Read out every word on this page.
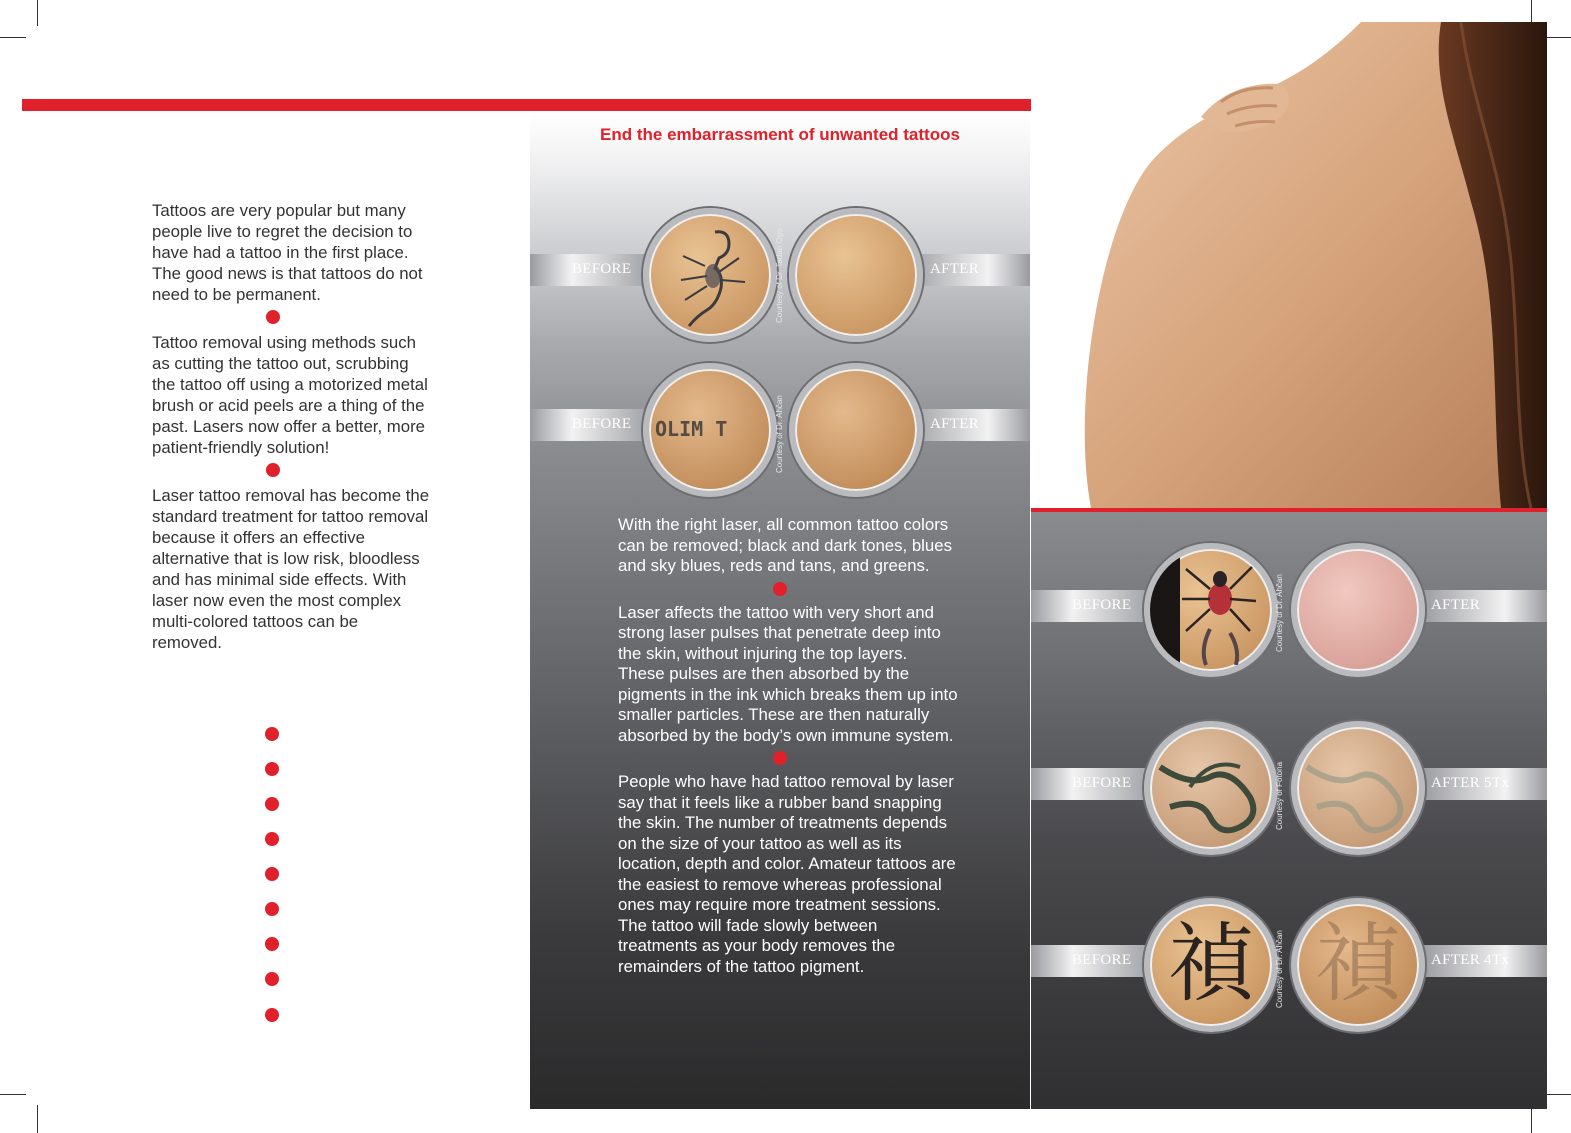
Tattoos are very popular but many people live to regret the decision to have had a tattoo in the first place. The good news is that tattoos do not need to be permanent.

Tattoo removal using methods such as cutting the tattoo out, scrubbing the tattoo off using a motorized metal brush or acid peels are a thing of the past. Lasers now offer a better, more patient-friendly solution!

Laser tattoo removal has become the standard treatment for tattoo removal because it offers an effective alternative that is low risk, bloodless and has minimal side effects. With laser now even the most complex multi-colored tattoos can be removed.

End the embarrassment of unwanted tattoos
BEFORE	AFTER
Courtesy of Dr. Tadao Ogo
BEFORE	AFTER
OLIM T	Courtesy of Dr. Ahčan

With the right laser, all common tattoo colors can be removed; black and dark tones, blues and sky blues, reds and tans, and greens.

Laser affects the tattoo with very short and strong laser pulses that penetrate deep into the skin, without injuring the top layers. These pulses are then absorbed by the pigments in the ink which breaks them up into smaller particles. These are then naturally absorbed by the body’s own immune system.

People who have had tattoo removal by laser say that it feels like a rubber band snapping the skin. The number of treatments depends on the size of your tattoo as well as its location, depth and color. Amateur tattoos are the easiest to remove whereas professional ones may require more treatment sessions. The tattoo will fade slowly between treatments as your body removes the remainders of the tattoo pigment.

BEFORE	AFTER
Courtesy of Dr. Ahčan
BEFORE	AFTER 5Tx
Courtesy of Fotona
BEFORE	AFTER 4Tx
禎 禎
Courtesy of Dr. Ahčan
